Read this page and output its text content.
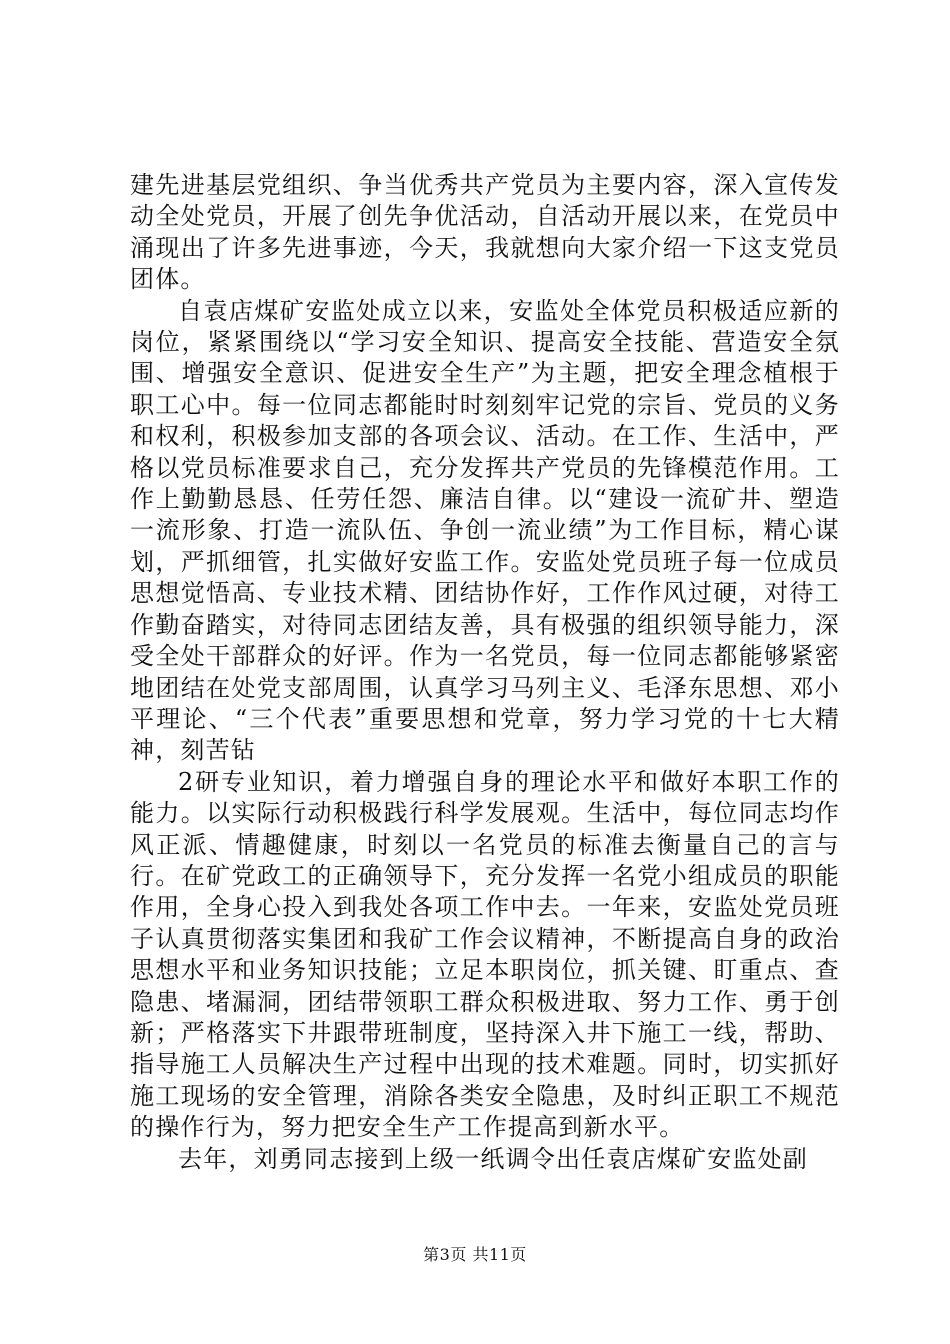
建先进基层党组织、争当优秀共产党员为主要内容，深入宣传发动全处党员，开展了创先争优活动，自活动开展以来，在党员中涌现出了许多先进事迹，今天，我就想向大家介绍一下这支党员团体。

自袁店煤矿安监处成立以来，安监处全体党员积极适应新的岗位，紧紧围绕以“学习安全知识、提高安全技能、营造安全氛围、增强安全意识、促进安全生产”为主题，把安全理念植根于职工心中。每一位同志都能时时刻刻牢记党的宗旨、党员的义务和权利，积极参加支部的各项会议、活动。在工作、生活中，严格以党员标准要求自己，充分发挥共产党员的先锋模范作用。工作上勤勤恳恳、任劳任怨、廉洁自律。以“建设一流矿井、塑造一流形象、打造一流队伍、争创一流业绩”为工作目标，精心谋划，严抓细管，扎实做好安监工作。安监处党员班子每一位成员思想觉悟高、专业技术精、团结协作好，工作作风过硬，对待工作勤奋踏实，对待同志团结友善，具有极强的组织领导能力，深受全处干部群众的好评。作为一名党员，每一位同志都能够紧密地团结在处党支部周围，认真学习马列主义、毛泽东思想、邓小平理论、“三个代表”重要思想和党章，努力学习党的十七大精神，刻苦钻

2研专业知识，着力增强自身的理论水平和做好本职工作的能力。以实际行动积极践行科学发展观。生活中，每位同志均作风正派、情趣健康，时刻以一名党员的标准去衡量自己的言与行。在矿党政工的正确领导下，充分发挥一名党小组成员的职能作用，全身心投入到我处各项工作中去。一年来，安监处党员班子认真贯彻落实集团和我矿工作会议精神，不断提高自身的政治思想水平和业务知识技能；立足本职岗位，抓关键、盯重点、查隐患、堵漏洞，团结带领职工群众积极进取、努力工作、勇于创新；严格落实下井跟带班制度，坚持深入井下施工一线，帮助、指导施工人员解决生产过程中出现的技术难题。同时，切实抓好施工现场的安全管理，消除各类安全隐患，及时纠正职工不规范的操作行为，努力把安全生产工作提高到新水平。

去年，刘勇同志接到上级一纸调令出任袁店煤矿安监处副

第3页 共11页
